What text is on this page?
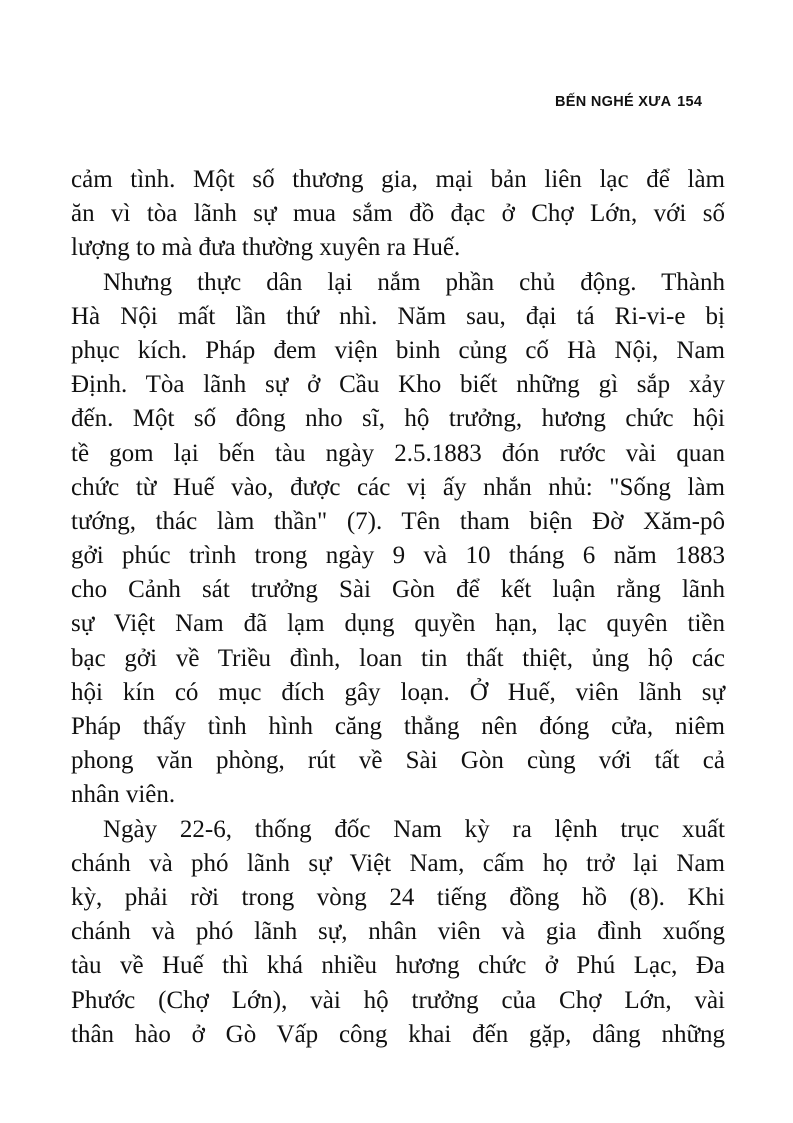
BẾN NGHÉ XƯA 154
cảm tình. Một số thương gia, mại bản liên lạc để làm
ăn vì tòa lãnh sự mua sắm đồ đạc ở Chợ Lớn, với số
lượng to mà đưa thường xuyên ra Huế.
Nhưng thực dân lại nắm phần chủ động. Thành
Hà Nội mất lần thứ nhì. Năm sau, đại tá Ri-vi-e bị
phục kích. Pháp đem viện binh củng cố Hà Nội, Nam
Định. Tòa lãnh sự ở Cầu Kho biết những gì sắp xảy
đến. Một số đông nho sĩ, hộ trưởng, hương chức hội
tề gom lại bến tàu ngày 2.5.1883 đón rước vài quan
chức từ Huế vào, được các vị ấy nhắn nhủ: "Sống làm
tướng, thác làm thần" (7). Tên tham biện Đờ Xăm-pô
gởi phúc trình trong ngày 9 và 10 tháng 6 năm 1883
cho Cảnh sát trưởng Sài Gòn để kết luận rằng lãnh
sự Việt Nam đã lạm dụng quyền hạn, lạc quyên tiền
bạc gởi về Triều đình, loan tin thất thiệt, ủng hộ các
hội kín có mục đích gây loạn. Ở Huế, viên lãnh sự
Pháp thấy tình hình căng thẳng nên đóng cửa, niêm
phong văn phòng, rút về Sài Gòn cùng với tất cả
nhân viên.
Ngày 22-6, thống đốc Nam kỳ ra lệnh trục xuất
chánh và phó lãnh sự Việt Nam, cấm họ trở lại Nam
kỳ, phải rời trong vòng 24 tiếng đồng hồ (8). Khi
chánh và phó lãnh sự, nhân viên và gia đình xuống
tàu về Huế thì khá nhiều hương chức ở Phú Lạc, Đa
Phước (Chợ Lớn), vài hộ trưởng của Chợ Lớn, vài
thân hào ở Gò Vấp công khai đến gặp, dâng những
